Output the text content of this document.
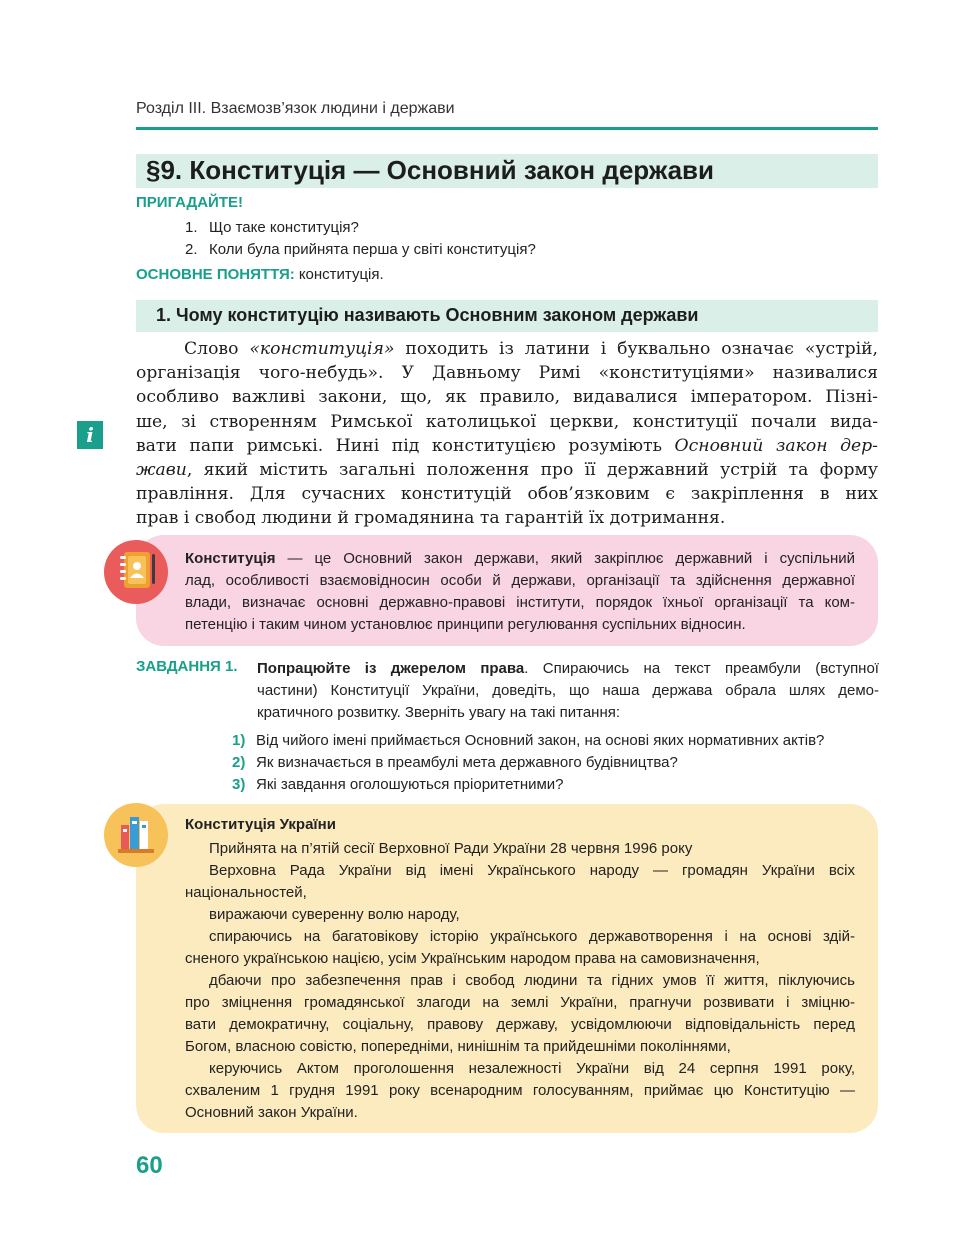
Розділ III. Взаємозв’язок людини і держави
§9. Конституція — Основний закон держави
ПРИГАДАЙТЕ!
1. Що таке конституція?
2. Коли була прийнята перша у світі конституція?
ОСНОВНЕ ПОНЯТТЯ: конституція.
1. Чому конституцію називають Основним законом держави
i
Слово «конституція» походить із латини і буквально означає «устрій,
організація чого-небудь». У Давньому Римі «конституціями» називалися
особливо важливі закони, що, як правило, видавалися імператором. Пізні-
ше, зі створенням Римської католицької церкви, конституції почали вида-
вати папи римські. Нині під конституцією розуміють Основний закон дер-
жави, який містить загальні положення про її державний устрій та форму
правління. Для сучасних конституцій обов’язковим є закріплення в них
прав і свобод людини й громадянина та гарантій їх дотримання.
Конституція — це Основний закон держави, який закріплює державний і суспільний
лад, особливості взаємовідносин особи й держави, організації та здійснення державної
влади, визначає основні державно-правові інститути, порядок їхньої організації та ком-
петенцію і таким чином установлює принципи регулювання суспільних відносин.
ЗАВДАННЯ 1. Попрацюйте із джерелом права. Спираючись на текст преамбули (вступної
частини) Конституції України, доведіть, що наша держава обрала шлях демо-
кратичного розвитку. Зверніть увагу на такі питання:
1) Від чийого імені приймається Основний закон, на основі яких нормативних актів?
2) Як визначається в преамбулі мета державного будівництва?
3) Які завдання оголошуються пріоритетними?
Конституція України
Прийнята на п’ятій сесії Верховної Ради України 28 червня 1996 року
Верховна Рада України від імені Українського народу — громадян України всіх
національностей,
виражаючи суверенну волю народу,
спираючись на багатовікову історію українського державотворення і на основі здій-
сненого українською нацією, усім Українським народом права на самовизначення,
дбаючи про забезпечення прав і свобод людини та гідних умов її життя, піклуючись
про зміцнення громадянської злагоди на землі України, прагнучи розвивати і зміцню-
вати демократичну, соціальну, правову державу, усвідомлюючи відповідальність перед
Богом, власною совістю, попередніми, нинішнім та прийдешніми поколіннями,
керуючись Актом проголошення незалежності України від 24 серпня 1991 року,
схваленим 1 грудня 1991 року всенародним голосуванням, приймає цю Конституцію —
Основний закон України.
60
